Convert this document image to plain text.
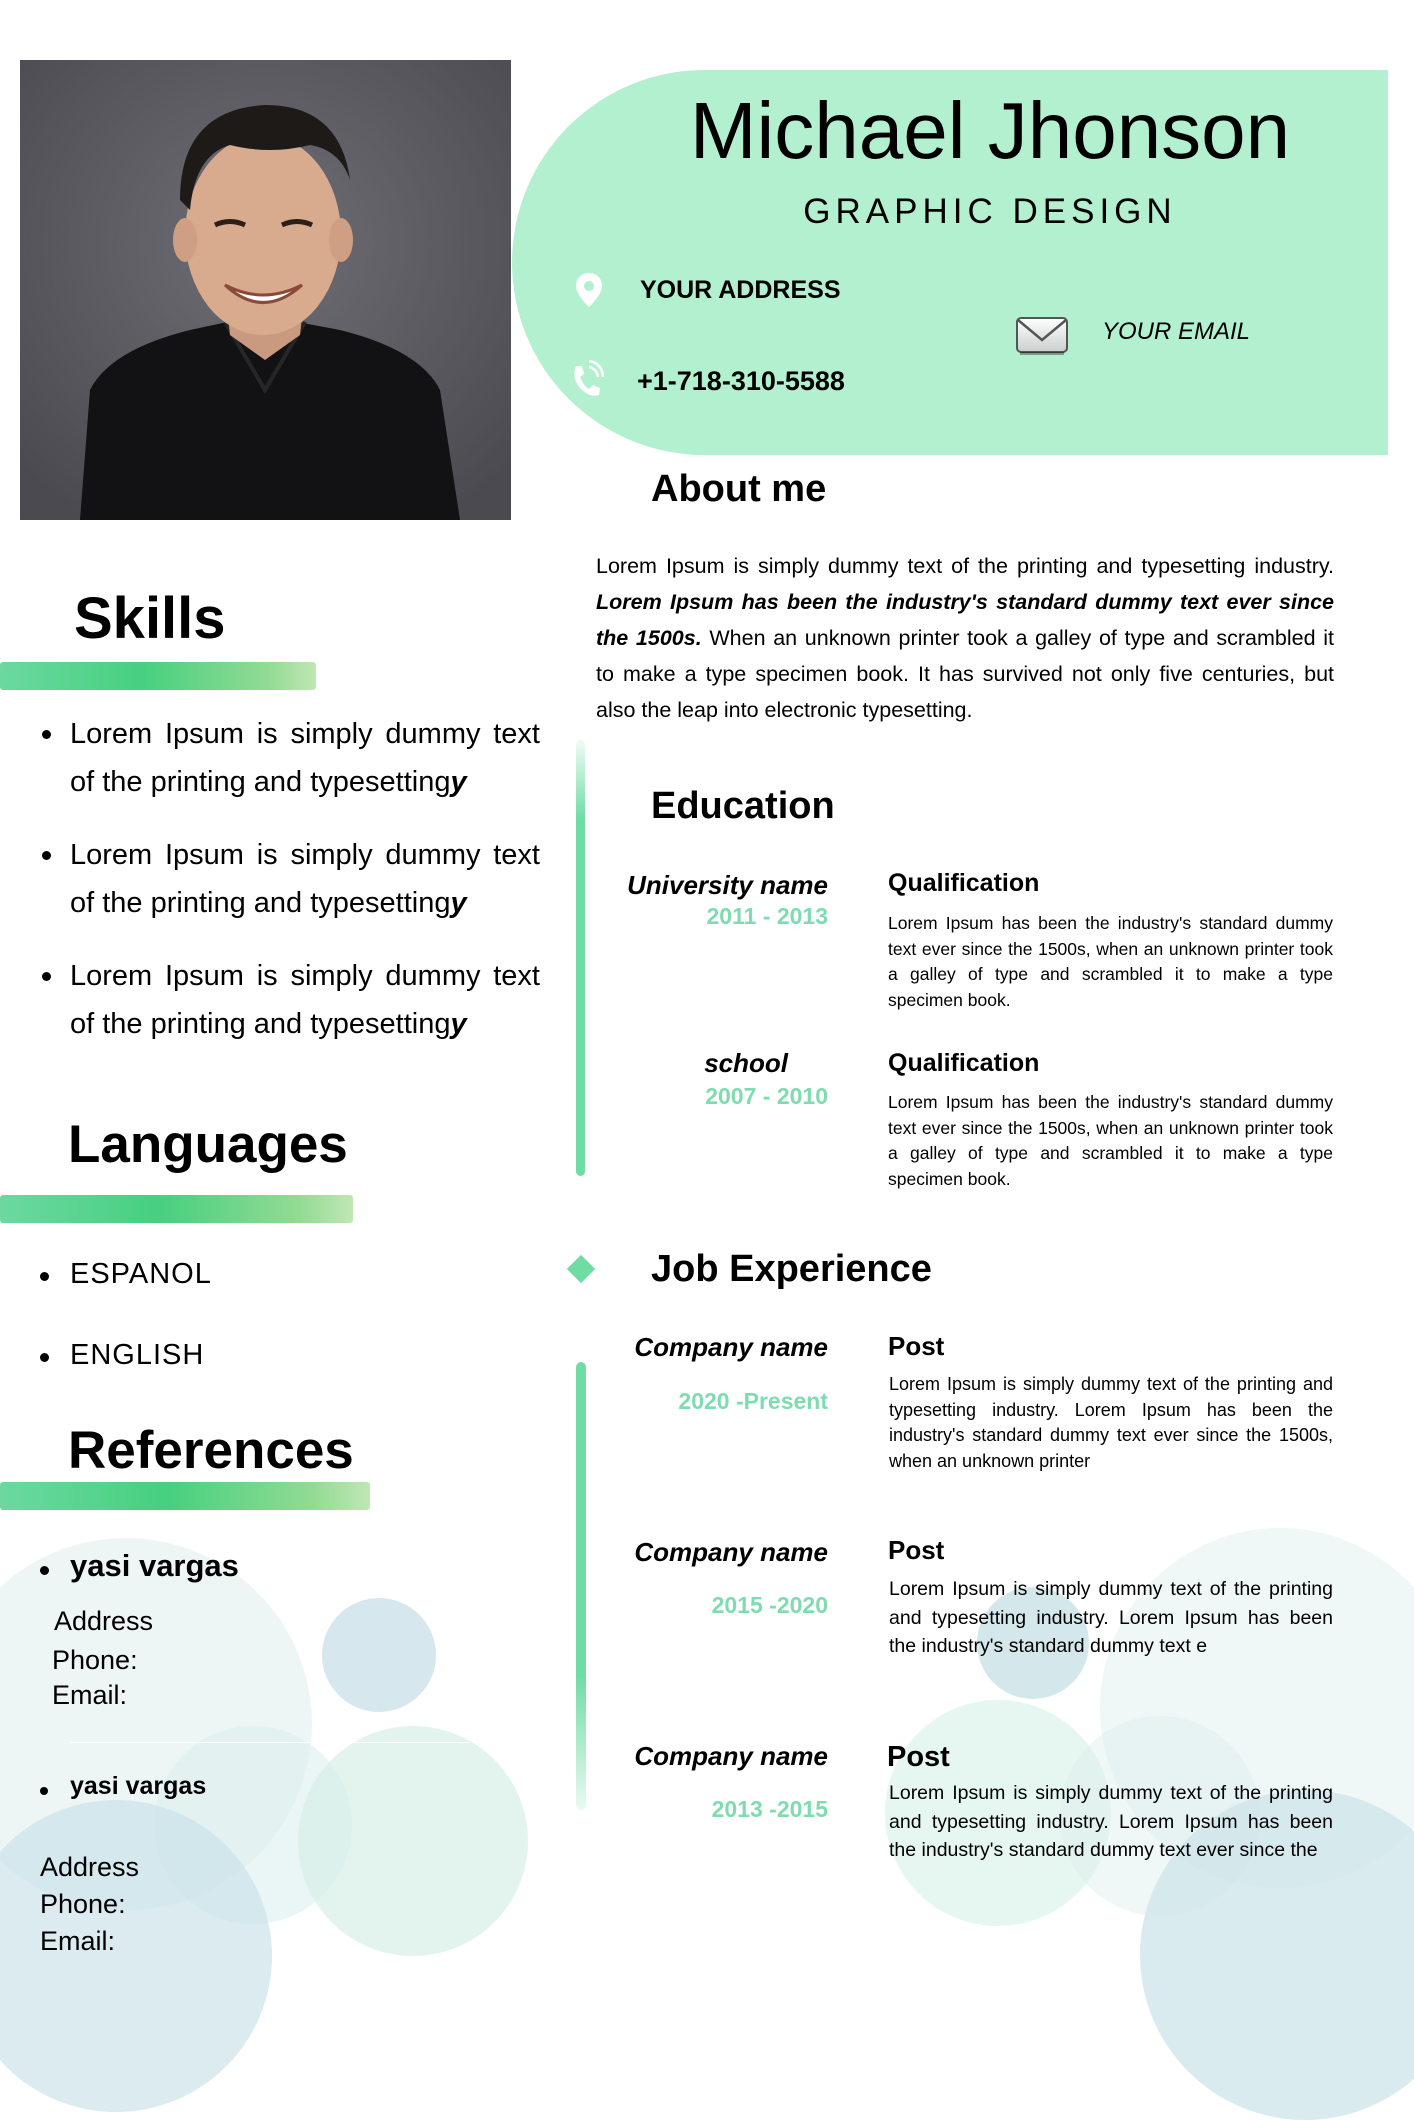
Michael Jhonson
GRAPHIC DESIGN
YOUR ADDRESS
+1-718-310-5588
YOUR EMAIL
Skills
Lorem Ipsum is simply dummy text of the printing and typesettingy
Lorem Ipsum is simply dummy text of the printing and typesettingy
Lorem Ipsum is simply dummy text of the printing and typesettingy
Languages
ESPANOL
ENGLISH
References
yasi vargas
Address
Phone:
Email:
yasi vargas
Address
Phone:
Email:
About me
Lorem Ipsum is simply dummy text of the printing and typesetting industry. Lorem Ipsum has been the industry's standard dummy text ever since the 1500s. When an unknown printer took a galley of type and scrambled it to make a type specimen book. It has survived not only five centuries, but also the leap into electronic typesetting.
Education
University name
2011 - 2013
Qualification
Lorem Ipsum has been the industry's standard dummy text ever since the 1500s, when an unknown printer took a galley of type and scrambled it to make a type specimen book.
school
2007 - 2010
Qualification
Lorem Ipsum has been the industry's standard dummy text ever since the 1500s, when an unknown printer took a galley of type and scrambled it to make a type specimen book.
Job Experience
Company name
2020 -Present
Post
Lorem Ipsum is simply dummy text of the printing and typesetting industry. Lorem Ipsum has been the industry's standard dummy text ever since the 1500s, when an unknown printer
Company name
2015 -2020
Post
Lorem Ipsum is simply dummy text of the printing and typesetting industry. Lorem Ipsum has been the industry's standard dummy text e
Company name
2013 -2015
Post
Lorem Ipsum is simply dummy text of the printing and typesetting industry. Lorem Ipsum has been the industry's standard dummy text ever since the
